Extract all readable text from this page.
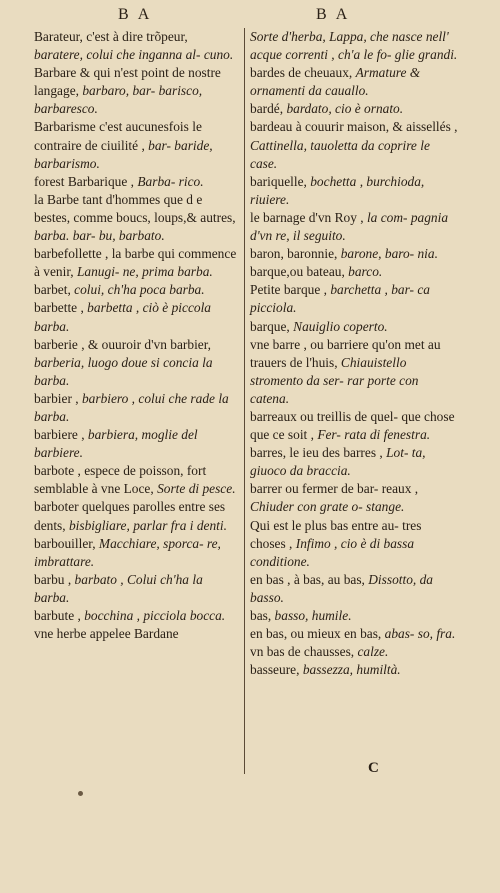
B A	B A
Barateur, c'est à dire trõpeur, baratere, colui che inganna al- cuno.
Barbare & qui n'est point de nostre langage, barbaro, bar- barisco, barbaresco.
Barbarisme c'est aucunesfois le contraire de ciuilité , bar- baride, barbarismo.
forest Barbarique , Barba- rico.
la Barbe tant d'hommes que d e bestes, comme boucs, loups,& autres, barba. bar- bu, barbato.
barbefollette , la barbe qui commence à venir, Lanugi- ne, prima barba.
barbet, colui, ch'ha poca barba.
barbette , barbetta , ciò è piccola barba.
barberie , & ouuroir d'vn barbier, barberia, luogo doue si concia la barba.
barbier , barbiero , colui che rade la barba.
barbiere , barbiera, moglie del barbiere.
barbote , espece de poisson, fort semblable à vne Loce, Sorte di pesce.
barboter quelques parolles entre ses dents, bisbigliare, parlar fra i denti.
barbouiller, Macchiare, sporca- re, imbrattare.
barbu , barbato , Colui ch'ha la barba.
barbute , bocchina , picciola bocca.
vne herbe appelee Bardane
Sorte d'herba, Lappa, che nasce nell' acque correnti , ch'a le fo- glie grandi.
bardes de cheuaux, Armature & ornamenti da cauallo.
bardé, bardato, cio è ornato.
bardeau à couurir maison, & aissellés , Cattinella, tauoletta da coprire le case.
bariquelle, bochetta , burchioda, riuiere.
le barnage d'vn Roy , la com- pagnia d'vn re, il seguito.
baron, baronnie, barone, baro- nia.
barque,ou bateau, barco.
Petite barque , barchetta , bar- ca picciola.
barque, Nauiglio coperto.
vne barre , ou barriere qu'on met au trauers de l'huis, Chiauistello stromento da ser- rar porte con catena.
barreaux ou treillis de quel- que chose que ce soit , Fer- rata di fenestra.
barres, le ieu des barres , Lot- ta, giuoco da braccia.
barrer ou fermer de bar- reaux , Chiuder con grate o- stange.
Qui est le plus bas entre au- tres choses , Infimo , cio è di bassa conditione.
en bas , à bas, au bas, Dissotto, da basso.
bas, basso, humile.
en bas, ou mieux en bas, abas- so, fra.
vn bas de chausses, calze.
basseure, bassezza, humiltà.
C
